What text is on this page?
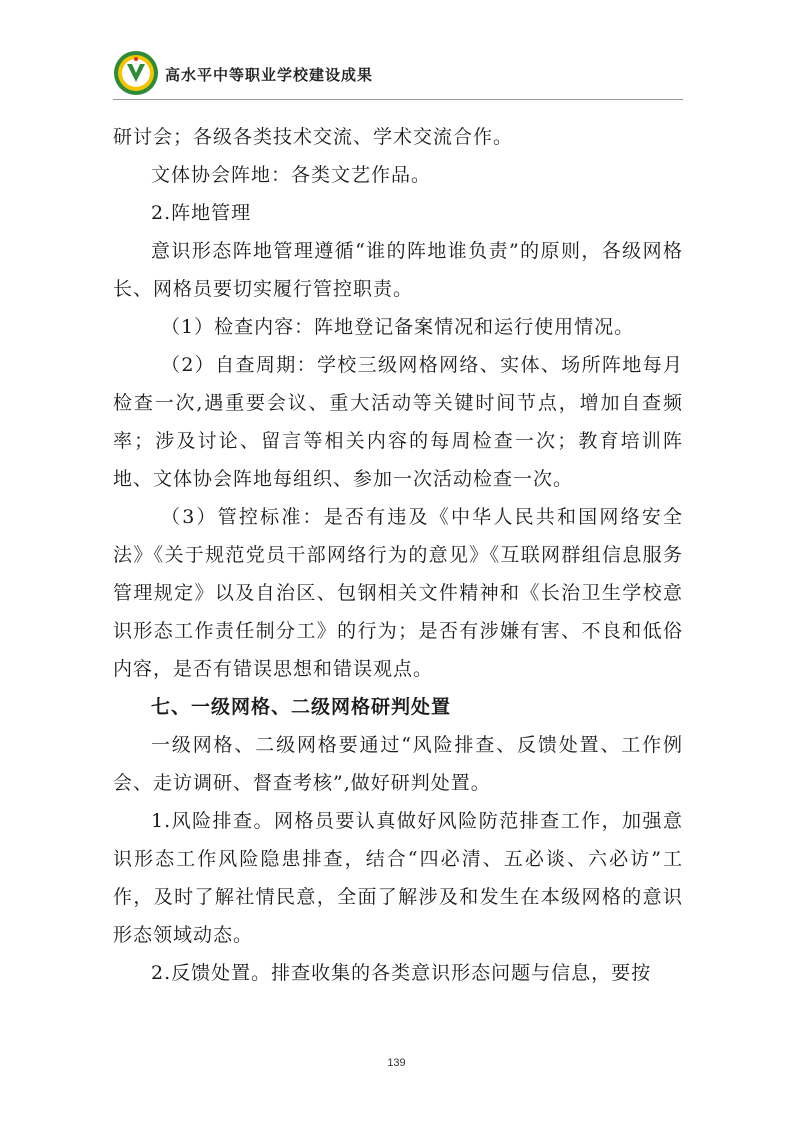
高水平中等职业学校建设成果

研讨会；各级各类技术交流、学术交流合作。

文体协会阵地：各类文艺作品。

2.阵地管理

意识形态阵地管理遵循“谁的阵地谁负责”的原则，各级网格长、网格员要切实履行管控职责。

（1）检查内容：阵地登记备案情况和运行使用情况。

（2）自查周期：学校三级网格网络、实体、场所阵地每月检查一次,遇重要会议、重大活动等关键时间节点，增加自查频率；涉及讨论、留言等相关内容的每周检查一次；教育培训阵地、文体协会阵地每组织、参加一次活动检查一次。

（3）管控标准：是否有违及《中华人民共和国网络安全法》《关于规范党员干部网络行为的意见》《互联网群组信息服务管理规定》以及自治区、包钢相关文件精神和《长治卫生学校意识形态工作责任制分工》的行为；是否有涉嫌有害、不良和低俗内容，是否有错误思想和错误观点。

七、一级网格、二级网格研判处置

一级网格、二级网格要通过“风险排查、反馈处置、工作例会、走访调研、督查考核”,做好研判处置。

1.风险排查。网格员要认真做好风险防范排查工作，加强意识形态工作风险隐患排查，结合“四必清、五必谈、六必访”工作，及时了解社情民意，全面了解涉及和发生在本级网格的意识形态领域动态。

2.反馈处置。排查收集的各类意识形态问题与信息，要按

139
